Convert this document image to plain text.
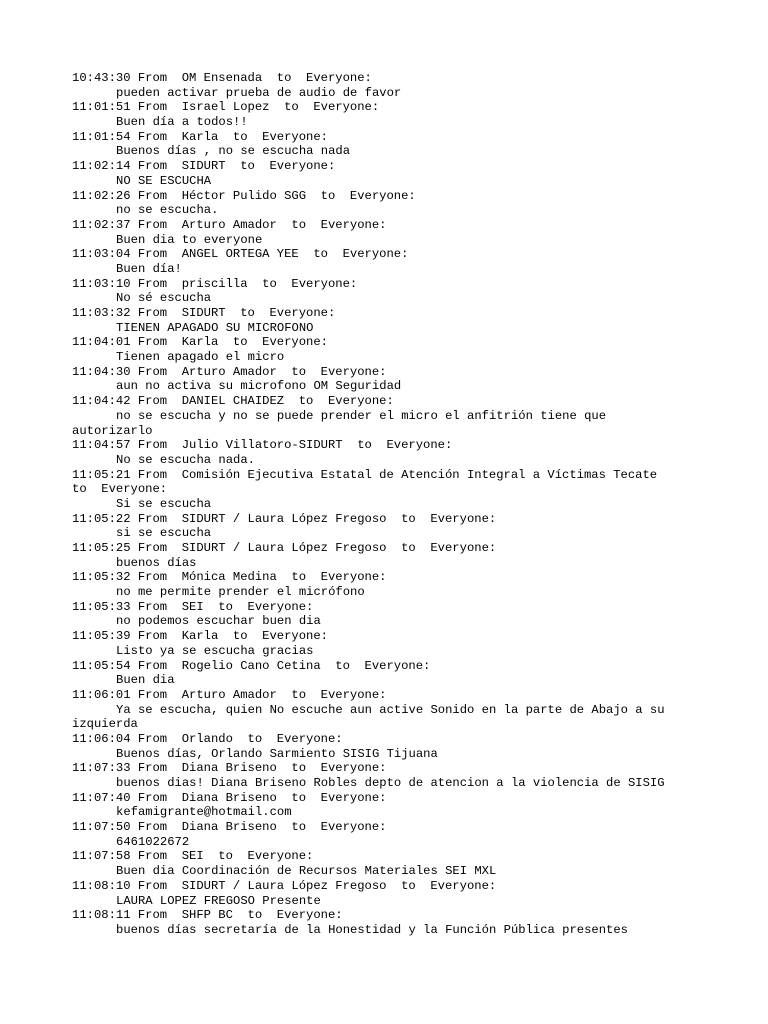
10:43:30 From  OM Ensenada  to  Everyone:
pueden activar prueba de audio de favor
11:01:51 From  Israel Lopez  to  Everyone:
Buen día a todos!!
11:01:54 From  Karla  to  Everyone:
Buenos días , no se escucha nada
11:02:14 From  SIDURT  to  Everyone:
NO SE ESCUCHA
11:02:26 From  Héctor Pulido SGG  to  Everyone:
no se escucha.
11:02:37 From  Arturo Amador  to  Everyone:
Buen dia to everyone
11:03:04 From  ANGEL ORTEGA YEE  to  Everyone:
Buen día!
11:03:10 From  priscilla  to  Everyone:
No sé escucha
11:03:32 From  SIDURT  to  Everyone:
TIENEN APAGADO SU MICROFONO
11:04:01 From  Karla  to  Everyone:
Tienen apagado el micro
11:04:30 From  Arturo Amador  to  Everyone:
aun no activa su microfono OM Seguridad
11:04:42 From  DANIEL CHAIDEZ  to  Everyone:
no se escucha y no se puede prender el micro el anfitrión tiene que
autorizarlo
11:04:57 From  Julio Villatoro-SIDURT  to  Everyone:
No se escucha nada.
11:05:21 From  Comisión Ejecutiva Estatal de Atención Integral a Víctimas Tecate
to  Everyone:
Si se escucha
11:05:22 From  SIDURT / Laura López Fregoso  to  Everyone:
si se escucha
11:05:25 From  SIDURT / Laura López Fregoso  to  Everyone:
buenos días
11:05:32 From  Mónica Medina  to  Everyone:
no me permite prender el micrófono
11:05:33 From  SEI  to  Everyone:
no podemos escuchar buen dia
11:05:39 From  Karla  to  Everyone:
Listo ya se escucha gracias
11:05:54 From  Rogelio Cano Cetina  to  Everyone:
Buen dia
11:06:01 From  Arturo Amador  to  Everyone:
Ya se escucha, quien No escuche aun active Sonido en la parte de Abajo a su
izquierda
11:06:04 From  Orlando  to  Everyone:
Buenos días, Orlando Sarmiento SISIG Tijuana
11:07:33 From  Diana Briseno  to  Everyone:
buenos dias! Diana Briseno Robles depto de atencion a la violencia de SISIG
11:07:40 From  Diana Briseno  to  Everyone:
kefamigrante@hotmail.com
11:07:50 From  Diana Briseno  to  Everyone:
6461022672
11:07:58 From  SEI  to  Everyone:
Buen dia Coordinación de Recursos Materiales SEI MXL
11:08:10 From  SIDURT / Laura López Fregoso  to  Everyone:
LAURA LOPEZ FREGOSO Presente
11:08:11 From  SHFP BC  to  Everyone:
buenos días secretaría de la Honestidad y la Función Pública presentes
